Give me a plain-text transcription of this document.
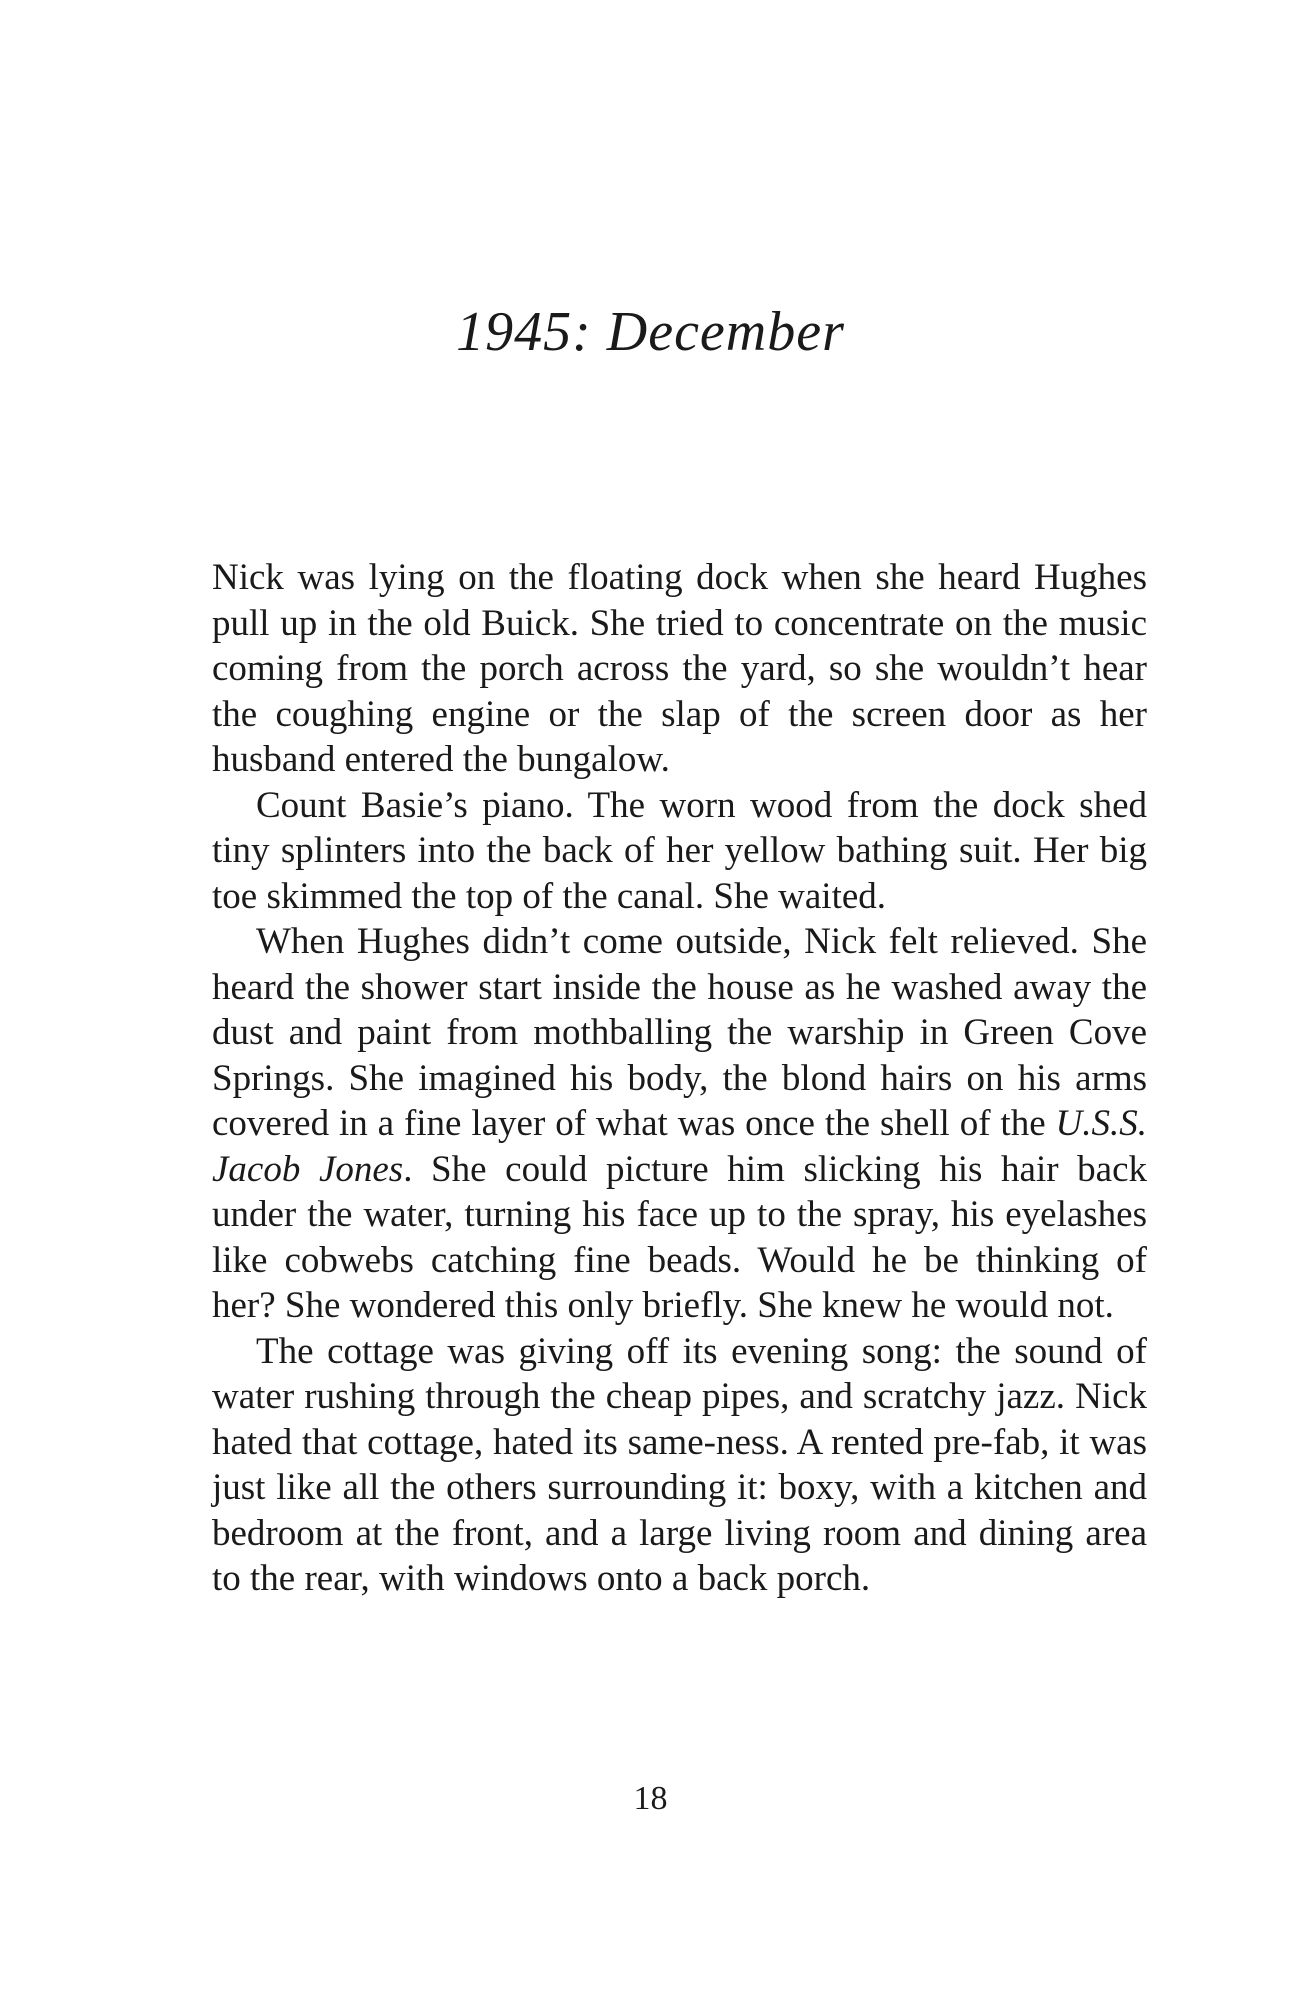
1945: December

Nick was lying on the floating dock when she heard Hughes pull up in the old Buick. She tried to concentrate on the music coming from the porch across the yard, so she wouldn’t hear the coughing engine or the slap of the screen door as her husband entered the bungalow.

Count Basie’s piano. The worn wood from the dock shed tiny splinters into the back of her yellow bathing suit. Her big toe skimmed the top of the canal. She waited.

When Hughes didn’t come outside, Nick felt relieved. She heard the shower start inside the house as he washed away the dust and paint from mothballing the warship in Green Cove Springs. She imagined his body, the blond hairs on his arms covered in a fine layer of what was once the shell of the U.S.S. Jacob Jones. She could picture him slicking his hair back under the water, turning his face up to the spray, his eyelashes like cobwebs catching fine beads. Would he be thinking of her? She wondered this only briefly. She knew he would not.

The cottage was giving off its evening song: the sound of water rushing through the cheap pipes, and scratchy jazz. Nick hated that cottage, hated its same-ness. A rented pre-fab, it was just like all the others surrounding it: boxy, with a kitchen and bedroom at the front, and a large living room and dining area to the rear, with windows onto a back porch.

18
